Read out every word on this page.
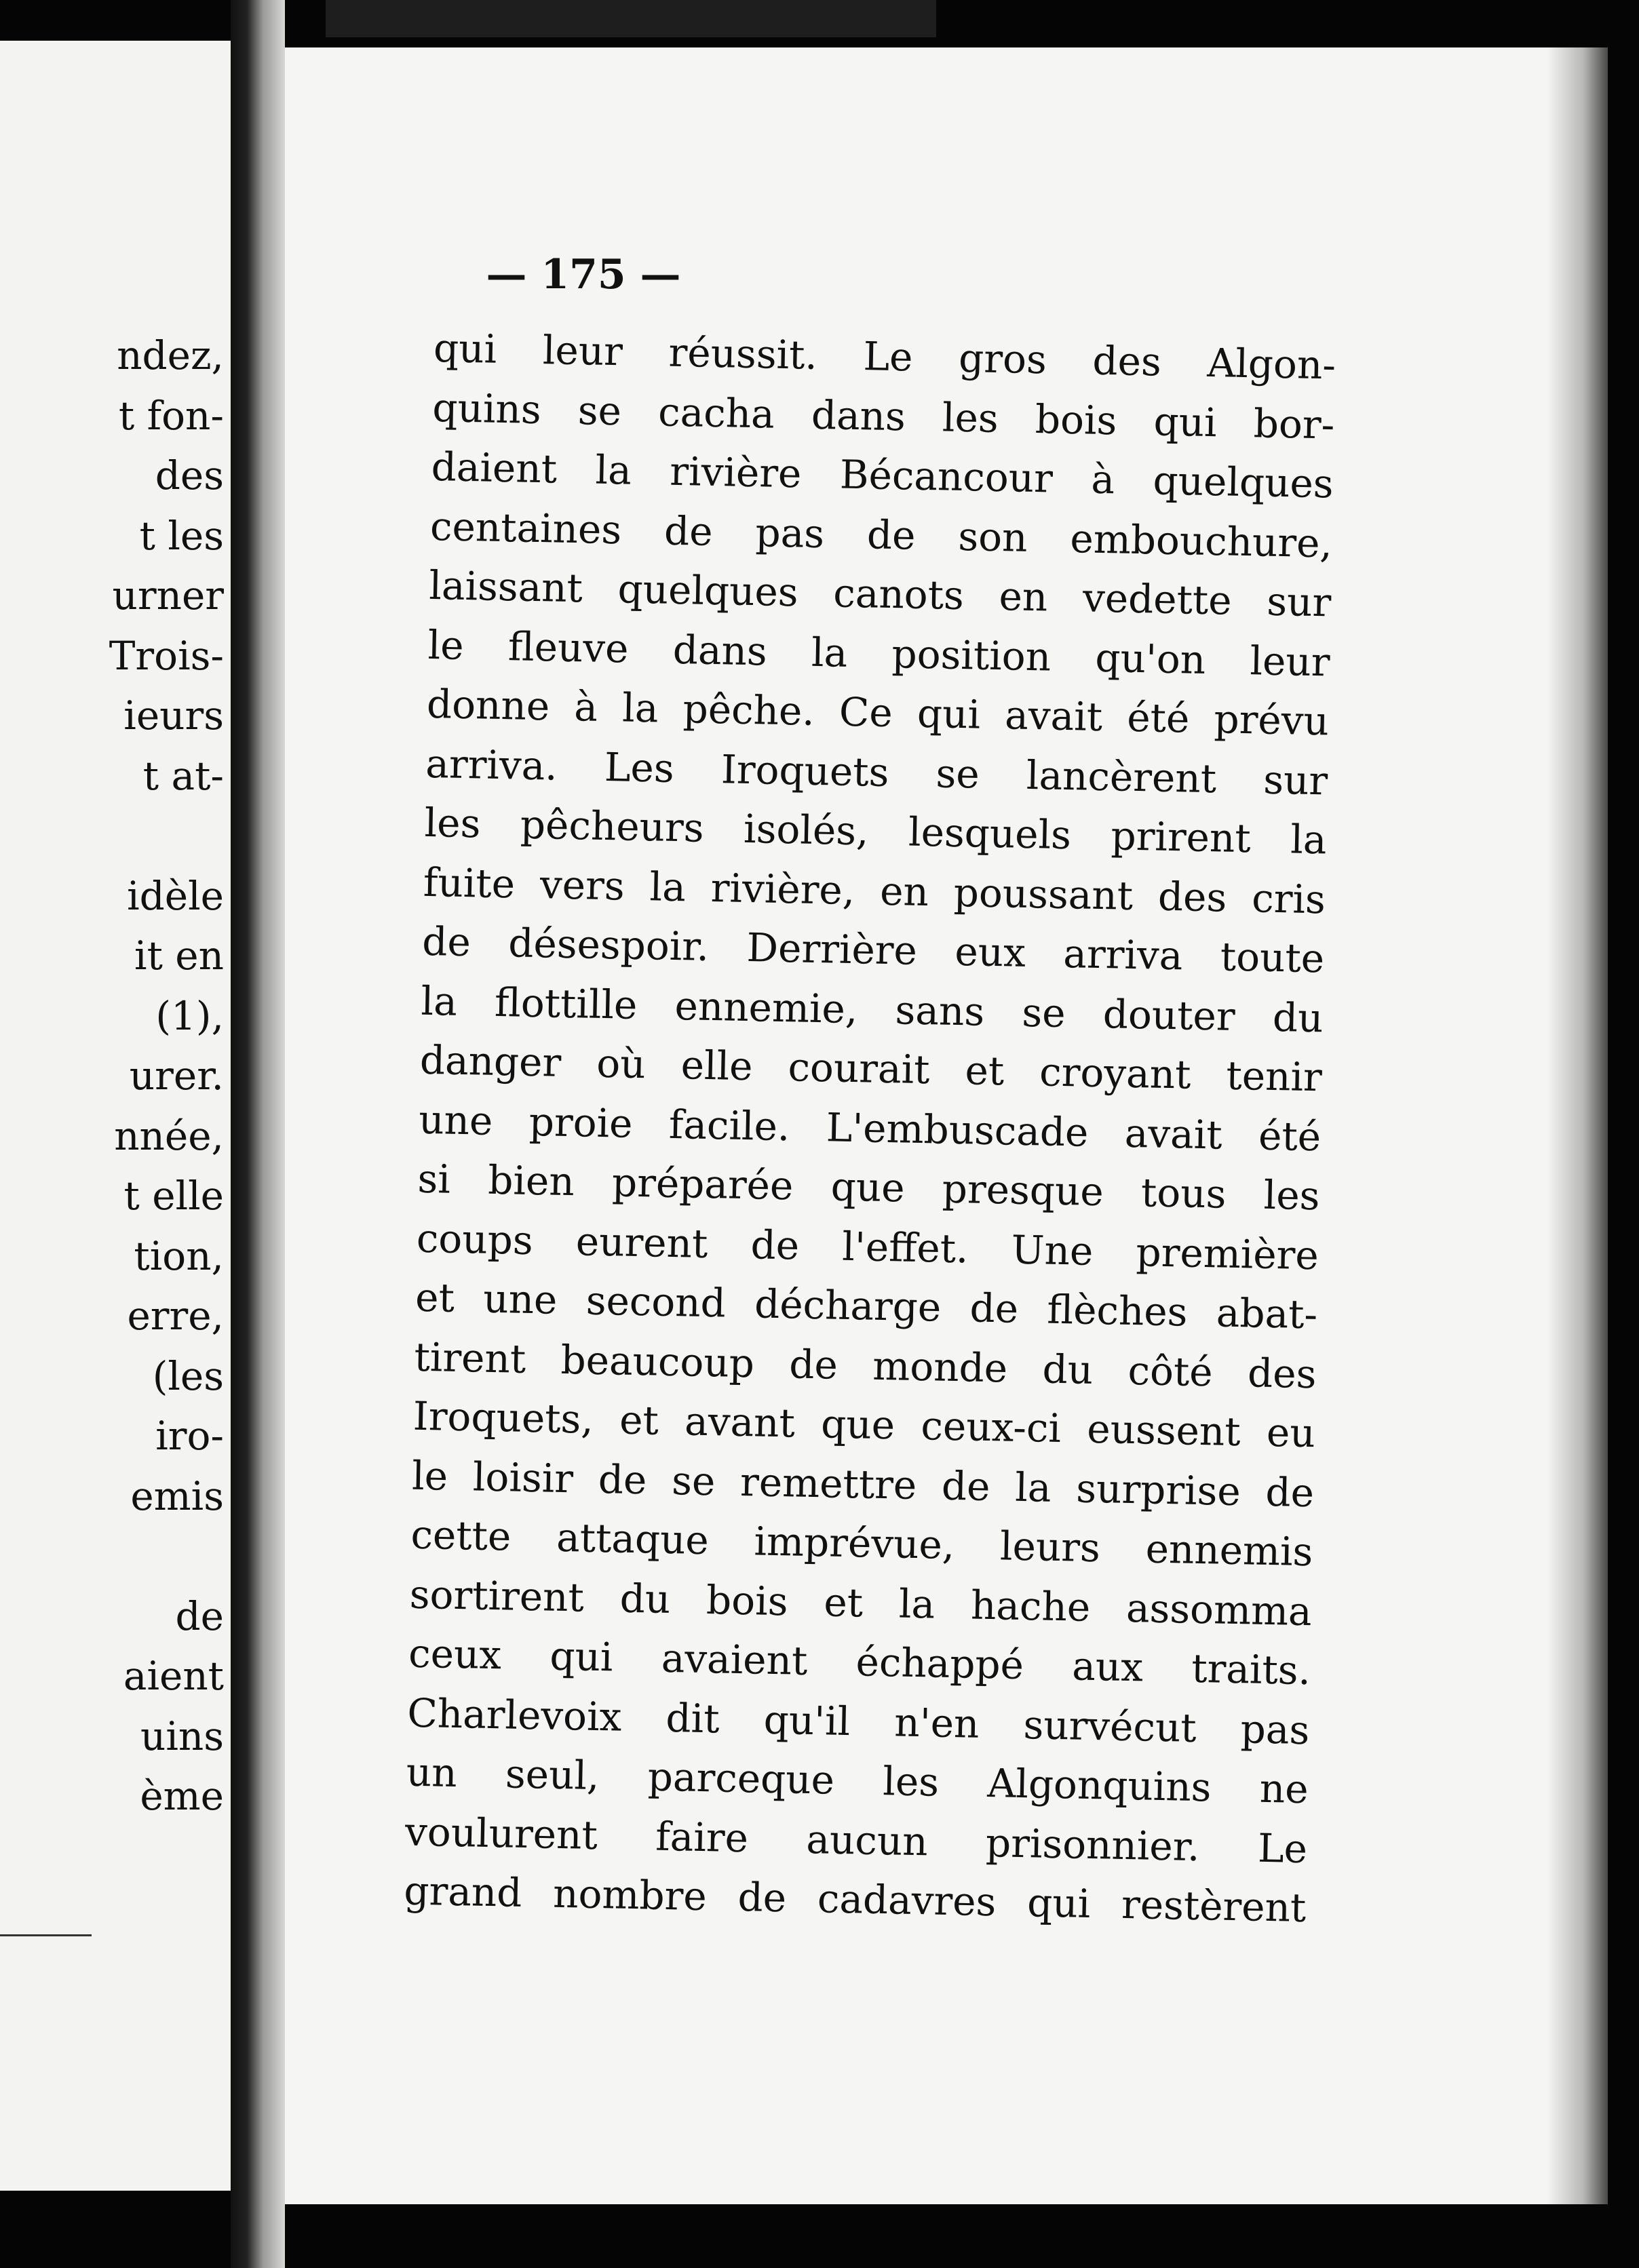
ndez,
t fon-
des
t les
urner
Trois-
ieurs
t at-
idèle
it en
(1),
urer.
nnée,
t elle
tion,
erre,
(les
iro-
emis
de
aient
uins
ème
— 175 —
qui leur réussit. Le gros des Algon-
quins se cacha dans les bois qui bor-
daient la rivière Bécancour à quelques
centaines de pas de son embouchure,
laissant quelques canots en vedette sur
le fleuve dans la position qu'on leur
donne à la pêche. Ce qui avait été prévu
arriva. Les Iroquets se lancèrent sur
les pêcheurs isolés, lesquels prirent la
fuite vers la rivière, en poussant des cris
de désespoir. Derrière eux arriva toute
la flottille ennemie, sans se douter du
danger où elle courait et croyant tenir
une proie facile. L'embuscade avait été
si bien préparée que presque tous les
coups eurent de l'effet. Une première
et une second décharge de flèches abat-
tirent beaucoup de monde du côté des
Iroquets, et avant que ceux-ci eussent eu
le loisir de se remettre de la surprise de
cette attaque imprévue, leurs ennemis
sortirent du bois et la hache assomma
ceux qui avaient échappé aux traits.
Charlevoix dit qu'il n'en survécut pas
un seul, parceque les Algonquins ne
voulurent faire aucun prisonnier. Le
grand nombre de cadavres qui restèrent
